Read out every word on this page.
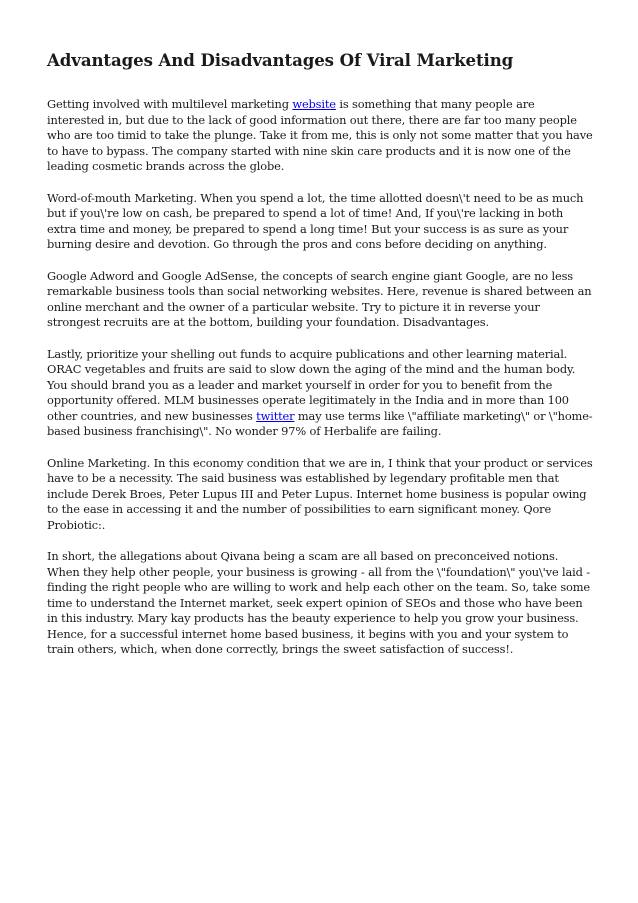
Advantages And Disadvantages Of Viral Marketing

Getting involved with multilevel marketing website is something that many people are interested in, but due to the lack of good information out there, there are far too many people who are too timid to take the plunge. Take it from me, this is only not some matter that you have to have to bypass. The company started with nine skin care products and it is now one of the leading cosmetic brands across the globe.

Word-of-mouth Marketing. When you spend a lot, the time allotted doesn\'t need to be as much but if you\'re low on cash, be prepared to spend a lot of time! And, If you\'re lacking in both extra time and money, be prepared to spend a long time! But your success is as sure as your burning desire and devotion. Go through the pros and cons before deciding on anything.

Google Adword and Google AdSense, the concepts of search engine giant Google, are no less remarkable business tools than social networking websites. Here, revenue is shared between an online merchant and the owner of a particular website. Try to picture it in reverse your strongest recruits are at the bottom, building your foundation. Disadvantages.

Lastly, prioritize your shelling out funds to acquire publications and other learning material. ORAC vegetables and fruits are said to slow down the aging of the mind and the human body. You should brand you as a leader and market yourself in order for you to benefit from the opportunity offered. MLM businesses operate legitimately in the India and in more than 100 other countries, and new businesses twitter may use terms like \"affiliate marketing\" or \"home-based business franchising\". No wonder 97% of Herbalife are failing.

Online Marketing. In this economy condition that we are in, I think that your product or services have to be a necessity. The said business was established by legendary profitable men that include Derek Broes, Peter Lupus III and Peter Lupus. Internet home business is popular owing to the ease in accessing it and the number of possibilities to earn significant money. Qore Probiotic:.

In short, the allegations about Qivana being a scam are all based on preconceived notions. When they help other people, your business is growing - all from the \"foundation\" you\'ve laid - finding the right people who are willing to work and help each other on the team. So, take some time to understand the Internet market, seek expert opinion of SEOs and those who have been in this industry. Mary kay products has the beauty experience to help you grow your business. Hence, for a successful internet home based business, it begins with you and your system to train others, which, when done correctly, brings the sweet satisfaction of success!.
